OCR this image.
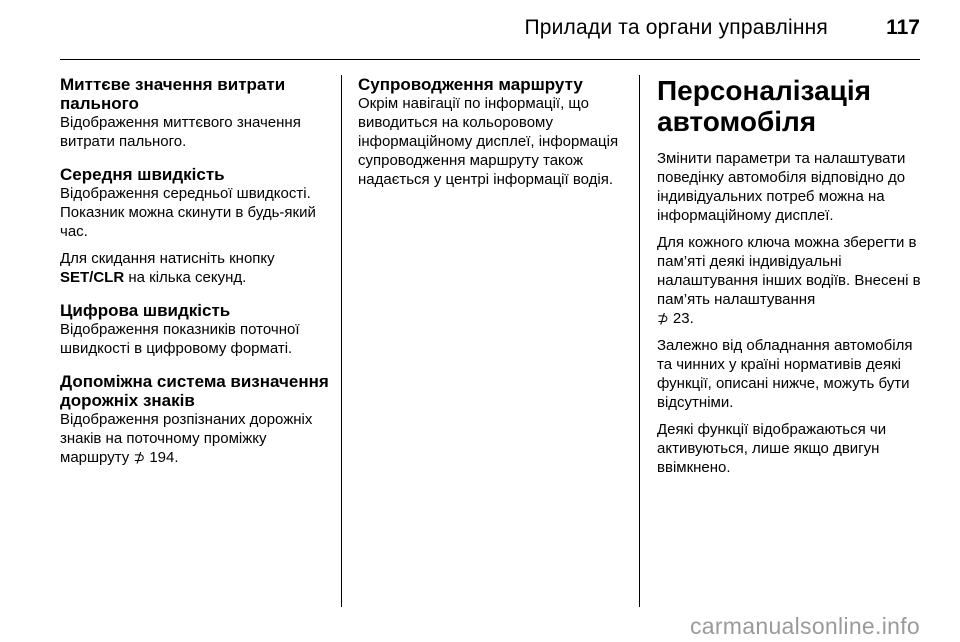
Прилади та органи управління	117

Миттєве значення витрати пального

Відображення миттєвого значення витрати пального.

Середня швидкість

Відображення середньої швидкості. Показник можна скинути в будь-який час.

Для скидання натисніть кнопку SET/CLR на кілька секунд.

Цифрова швидкість

Відображення показників поточної швидкості в цифровому форматі.

Допоміжна система визначення дорожніх знаків

Відображення розпізнаних дорожніх знаків на поточному проміжку маршруту ⊅ 194.

Супроводження маршруту

Окрім навігації по інформації, що виводиться на кольоровому інформаційному дисплеї, інформація супроводження маршруту також надається у центрі інформації водія.

Персоналізація автомобіля

Змінити параметри та налаштувати поведінку автомобіля відповідно до індивідуальних потреб можна на інформаційному дисплеї.

Для кожного ключа можна зберегти в пам’яті деякі індивідуальні налаштування інших водіїв. Внесені в пам’ять налаштування
⊅ 23.

Залежно від обладнання автомобіля та чинних у країні нормативів деякі функції, описані нижче, можуть бути відсутніми.

Деякі функції відображаються чи активуються, лише якщо двигун ввімкнено.

carmanualsonline.info
